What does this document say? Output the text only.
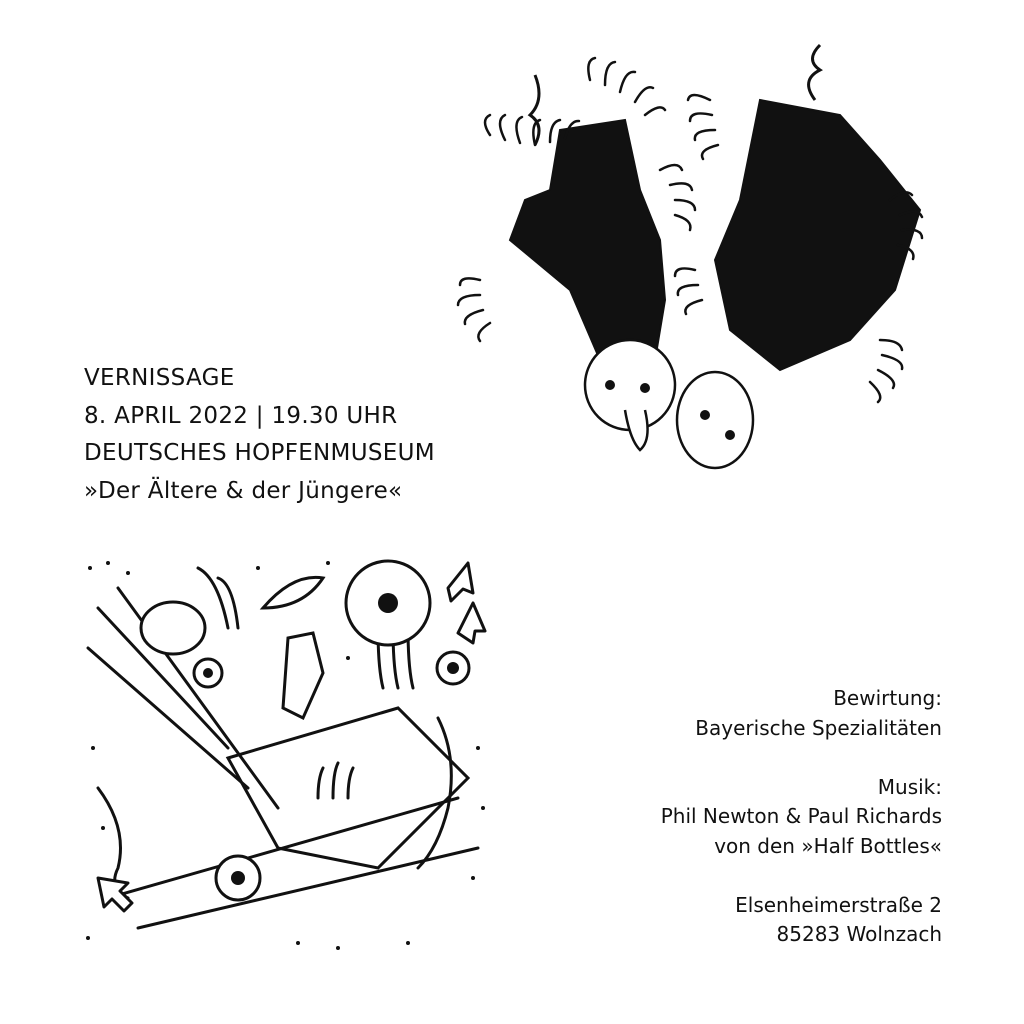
VERNISSAGE
8. APRIL 2022 | 19.30 UHR
DEUTSCHES HOPFENMUSEUM
»Der Ältere & der Jüngere«
Bewirtung:
Bayerische Spezialitäten
Musik:
Phil Newton & Paul Richards
von den »Half Bottles«
Elsenheimerstraße 2
85283 Wolnzach
